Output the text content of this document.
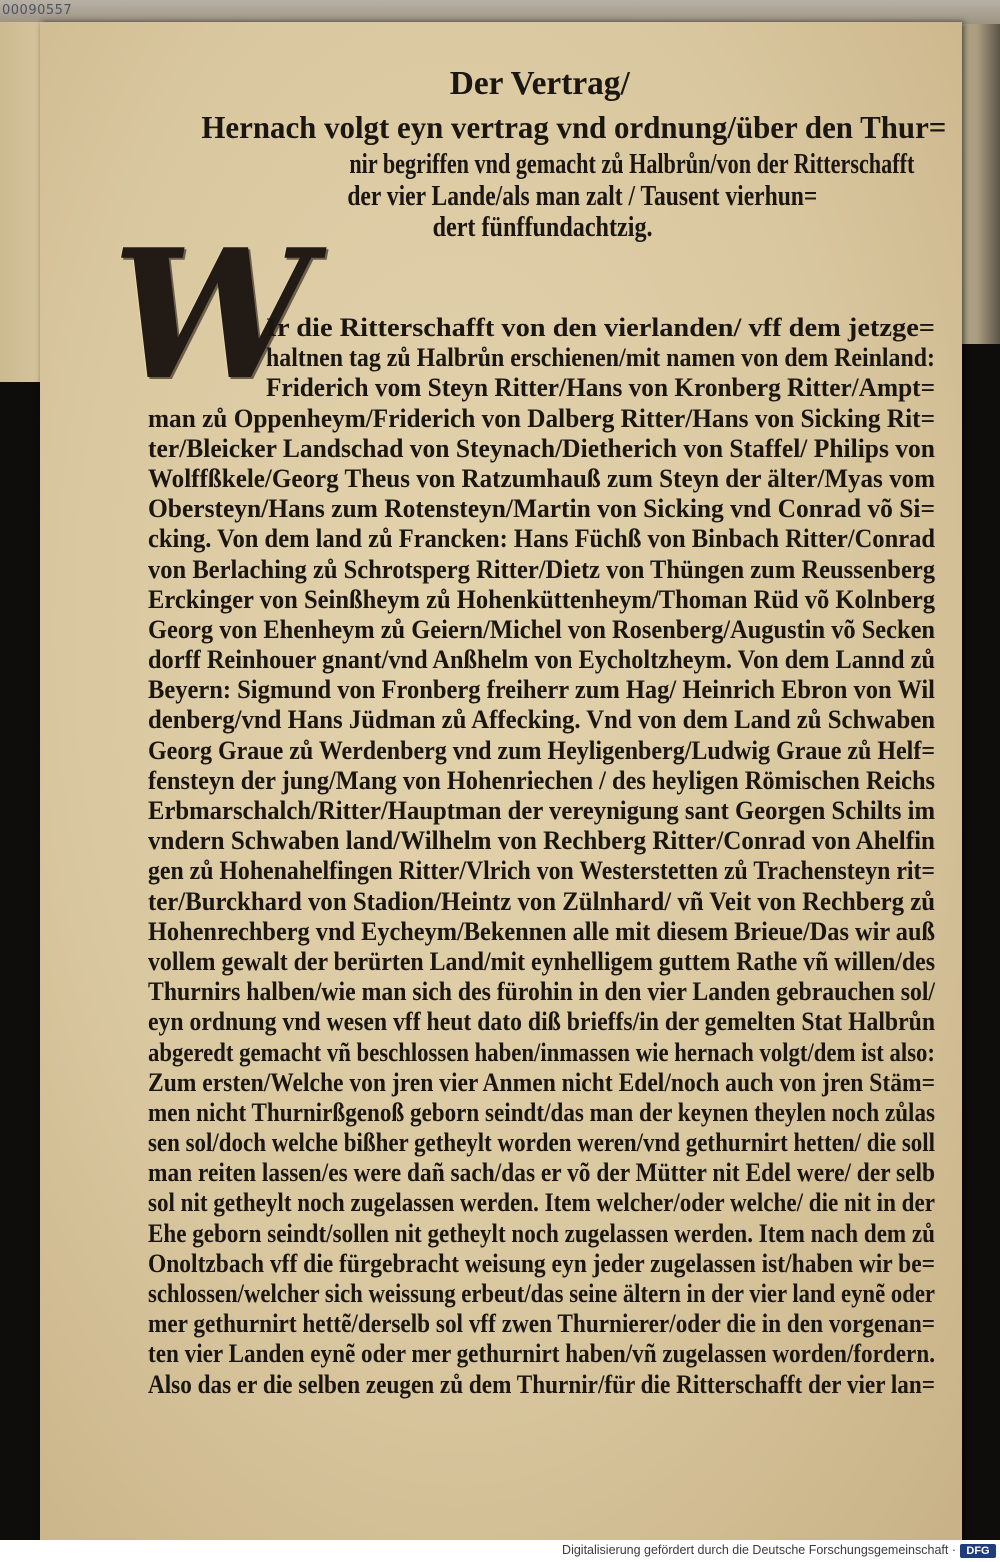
00090557
Der Vertrag/
Hernach volgt eyn vertrag vnd ordnung/über den Thur=
nir begriffen vnd gemacht zů Halbrůn/von der Ritterschafft
der vier Lande/als man zalt / Tausent vierhun=
dert fünffundachtzig.
W
Ir die Ritterschafft von den vierlanden/ vff dem jetzge=
haltnen tag zů Halbrůn erschienen/mit namen von dem Reinland:
Friderich vom Steyn Ritter/Hans von Kronberg Ritter/Ampt=
man zů Oppenheym/Friderich von Dalberg Ritter/Hans von Sicking Rit=
ter/Bleicker Landschad von Steynach/Dietherich von Staffel/ Philips von
Wolffßkele/Georg Theus von Ratzumhauß zum Steyn der älter/Myas vom
Obersteyn/Hans zum Rotensteyn/Martin von Sicking vnd Conrad võ Si=
cking. Von dem land zů Francken: Hans Füchß von Binbach Ritter/Conrad
von Berlaching zů Schrotsperg Ritter/Dietz von Thüngen zum Reussenberg
Erckinger von Seinßheym zů Hohenküttenheym/Thoman Rüd võ Kolnberg
Georg von Ehenheym zů Geiern/Michel von Rosenberg/Augustin võ Secken
dorff Reinhouer gnant/vnd Anßhelm von Eycholtzheym. Von dem Lannd zů
Beyern: Sigmund von Fronberg freiherr zum Hag/ Heinrich Ebron von Wil
denberg/vnd Hans Jüdman zů Affecking. Vnd von dem Land zů Schwaben
Georg Graue zů Werdenberg vnd zum Heyligenberg/Ludwig Graue zů Helf=
fensteyn der jung/Mang von Hohenriechen / des heyligen Römischen Reichs
Erbmarschalch/Ritter/Hauptman der vereynigung sant Georgen Schilts im
vndern Schwaben land/Wilhelm von Rechberg Ritter/Conrad von Ahelfin
gen zů Hohenahelfingen Ritter/Vlrich von Westerstetten zů Trachensteyn rit=
ter/Burckhard von Stadion/Heintz von Zülnhard/ vñ Veit von Rechberg zů
Hohenrechberg vnd Eycheym/Bekennen alle mit diesem Brieue/Das wir auß
vollem gewalt der berürten Land/mit eynhelligem guttem Rathe vñ willen/des
Thurnirs halben/wie man sich des fürohin in den vier Landen gebrauchen sol/
eyn ordnung vnd wesen vff heut dato diß brieffs/in der gemelten Stat Halbrůn
abgeredt gemacht vñ beschlossen haben/inmassen wie hernach volgt/dem ist also:
Zum ersten/Welche von jren vier Anmen nicht Edel/noch auch von jren Stäm=
men nicht Thurnirßgenoß geborn seindt/das man der keynen theylen noch zůlas
sen sol/doch welche bißher getheylt worden weren/vnd gethurnirt hetten/ die soll
man reiten lassen/es were dañ sach/das er võ der Mütter nit Edel were/ der selb
sol nit getheylt noch zugelassen werden. Item welcher/oder welche/ die nit in der
Ehe geborn seindt/sollen nit getheylt noch zugelassen werden. Item nach dem zů
Onoltzbach vff die fürgebracht weisung eyn jeder zugelassen ist/haben wir be=
schlossen/welcher sich weissung erbeut/das seine ältern in der vier land eynẽ oder
mer gethurnirt hettẽ/derselb sol vff zwen Thurnierer/oder die in den vorgenan=
ten vier Landen eynẽ oder mer gethurnirt haben/vñ zugelassen worden/fordern.
Also das er die selben zeugen zů dem Thurnir/für die Ritterschafft der vier lan=
Digitalisierung gefördert durch die Deutsche Forschungsgemeinschaft · DFG
